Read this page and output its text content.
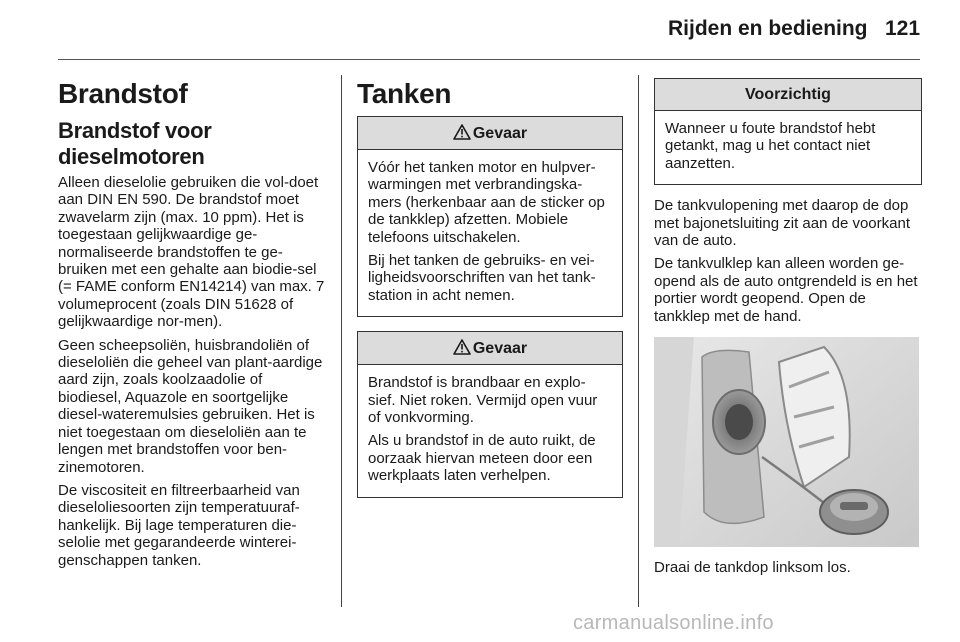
Rijden en bediening 121
Brandstof
Brandstof voor dieselmotoren

Alleen dieselolie gebruiken die vol-doet aan DIN EN 590. De brandstof moet zwavelarm zijn (max. 10 ppm). Het is toegestaan gelijkwaardige ge-normaliseerde brandstoffen te ge-bruiken met een gehalte aan biodie-sel (= FAME conform EN14214) van max. 7 volumeprocent (zoals DIN 51628 of gelijkwaardige nor-men).

Geen scheepsoliën, huisbrandoliën of dieseloliën die geheel van plant-aardige aard zijn, zoals koolzaadolie of biodiesel, Aquazole en soortgelijke diesel-wateremulsies gebruiken. Het is niet toegestaan om dieseloliën aan te lengen met brandstoffen voor ben-zinemotoren.

De viscositeit en filtreerbaarheid van dieseloliesoorten zijn temperatuuraf-hankelijk. Bij lage temperaturen die-selolie met gegarandeerde winterei-genschappen tanken.

Tanken
Gevaar

Vóór het tanken motor en hulpver-warmingen met verbrandingska-mers (herkenbaar aan de sticker op de tankklep) afzetten. Mobiele telefoons uitschakelen.

Bij het tanken de gebruiks- en vei-ligheidsvoorschriften van het tank-station in acht nemen.

Gevaar

Brandstof is brandbaar en explo-sief. Niet roken. Vermijd open vuur of vonkvorming.

Als u brandstof in de auto ruikt, de oorzaak hiervan meteen door een werkplaats laten verhelpen.

Voorzichtig

Wanneer u foute brandstof hebt getankt, mag u het contact niet aanzetten.

De tankvulopening met daarop de dop met bajonetsluiting zit aan de voorkant van de auto.

De tankvulklep kan alleen worden ge-opend als de auto ontgrendeld is en het portier wordt geopend. Open de tankklep met de hand.

Draai de tankdop linksom los.

carmanualsonline.info
